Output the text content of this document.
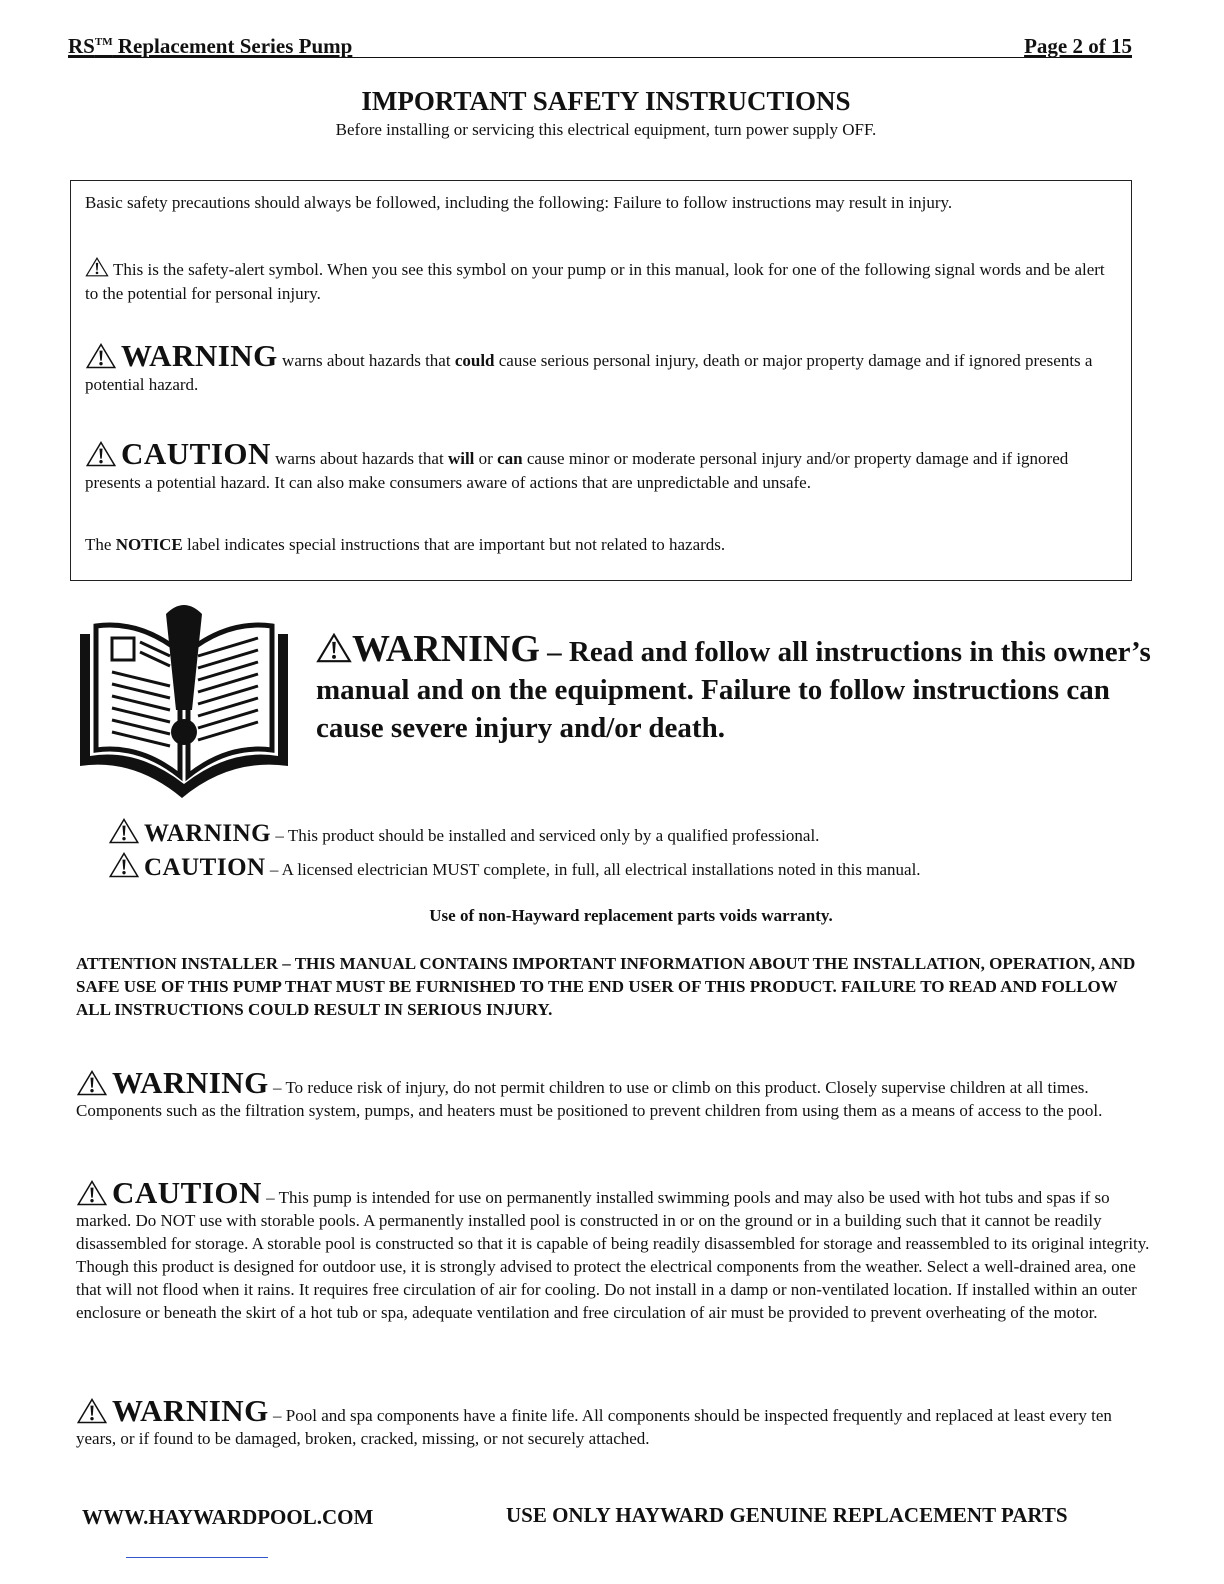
RS™ Replacement Series Pump	Page 2 of 15
IMPORTANT SAFETY INSTRUCTIONS
Before installing or servicing this electrical equipment, turn power supply OFF.

Basic safety precautions should always be followed, including the following: Failure to follow instructions may result in injury.

This is the safety-alert symbol. When you see this symbol on your pump or in this manual, look for one of the following signal words and be alert to the potential for personal injury.

WARNING warns about hazards that could cause serious personal injury, death or major property damage and if ignored presents a potential hazard.

CAUTION warns about hazards that will or can cause minor or moderate personal injury and/or property damage and if ignored presents a potential hazard. It can also make consumers aware of actions that are unpredictable and unsafe.

The NOTICE label indicates special instructions that are important but not related to hazards.

WARNING – Read and follow all instructions in this owner’s manual and on the equipment. Failure to follow instructions can cause severe injury and/or death.
WARNING – This product should be installed and serviced only by a qualified professional.
CAUTION – A licensed electrician MUST complete, in full, all electrical installations noted in this manual.
Use of non-Hayward replacement parts voids warranty.
ATTENTION INSTALLER – THIS MANUAL CONTAINS IMPORTANT INFORMATION ABOUT THE INSTALLATION, OPERATION, AND SAFE USE OF THIS PUMP THAT MUST BE FURNISHED TO THE END USER OF THIS PRODUCT. FAILURE TO READ AND FOLLOW ALL INSTRUCTIONS COULD RESULT IN SERIOUS INJURY.
WARNING – To reduce risk of injury, do not permit children to use or climb on this product. Closely supervise children at all times. Components such as the filtration system, pumps, and heaters must be positioned to prevent children from using them as a means of access to the pool.
CAUTION – This pump is intended for use on permanently installed swimming pools and may also be used with hot tubs and spas if so marked. Do NOT use with storable pools. A permanently installed pool is constructed in or on the ground or in a building such that it cannot be readily disassembled for storage. A storable pool is constructed so that it is capable of being readily disassembled for storage and reassembled to its original integrity. Though this product is designed for outdoor use, it is strongly advised to protect the electrical components from the weather. Select a well-drained area, one that will not flood when it rains. It requires free circulation of air for cooling. Do not install in a damp or non-ventilated location. If installed within an outer enclosure or beneath the skirt of a hot tub or spa, adequate ventilation and free circulation of air must be provided to prevent overheating of the motor.
WARNING – Pool and spa components have a finite life. All components should be inspected frequently and replaced at least every ten years, or if found to be damaged, broken, cracked, missing, or not securely attached.
WWW.HAYWARDPOOL.COM	USE ONLY HAYWARD GENUINE REPLACEMENT PARTS
